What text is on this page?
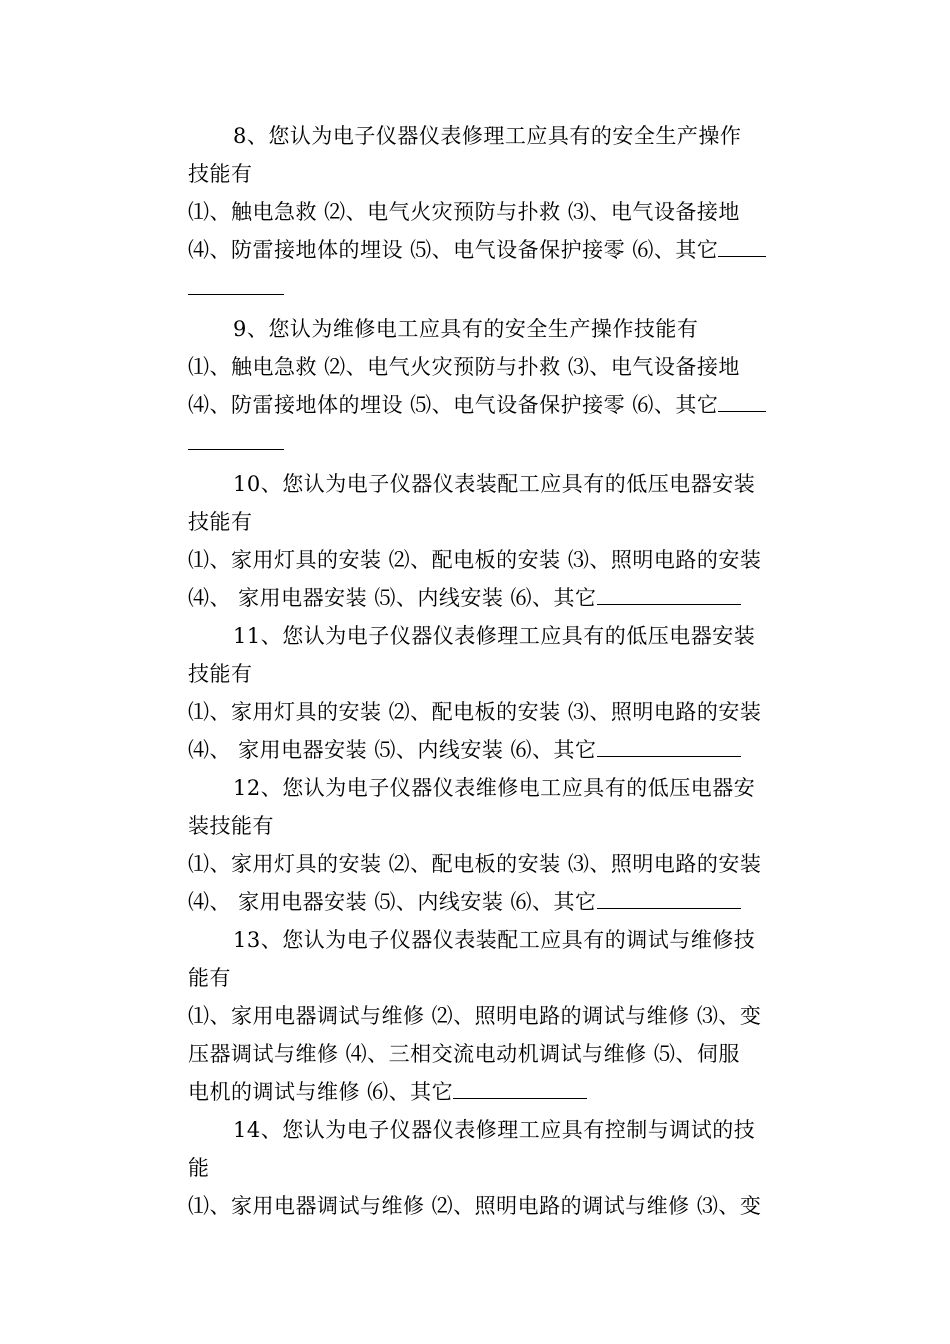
8、您认为电子仪器仪表修理工应具有的安全生产操作
技能有
⑴、触电急救 ⑵、电气火灾预防与扑救 ⑶、电气设备接地
⑷、防雷接地体的埋设 ⑸、电气设备保护接零 ⑹、其它
9、您认为维修电工应具有的安全生产操作技能有
⑴、触电急救 ⑵、电气火灾预防与扑救 ⑶、电气设备接地
⑷、防雷接地体的埋设 ⑸、电气设备保护接零 ⑹、其它
10、您认为电子仪器仪表装配工应具有的低压电器安装
技能有
⑴、家用灯具的安装 ⑵、配电板的安装 ⑶、照明电路的安装
⑷、 家用电器安装 ⑸、内线安装 ⑹、其它
11、您认为电子仪器仪表修理工应具有的低压电器安装
技能有
⑴、家用灯具的安装 ⑵、配电板的安装 ⑶、照明电路的安装
⑷、 家用电器安装 ⑸、内线安装 ⑹、其它
12、您认为电子仪器仪表维修电工应具有的低压电器安
装技能有
⑴、家用灯具的安装 ⑵、配电板的安装 ⑶、照明电路的安装
⑷、 家用电器安装 ⑸、内线安装 ⑹、其它
13、您认为电子仪器仪表装配工应具有的调试与维修技
能有
⑴、家用电器调试与维修 ⑵、照明电路的调试与维修 ⑶、变
压器调试与维修 ⑷、三相交流电动机调试与维修 ⑸、伺服
电机的调试与维修 ⑹、其它
14、您认为电子仪器仪表修理工应具有控制与调试的技
能
⑴、家用电器调试与维修 ⑵、照明电路的调试与维修 ⑶、变
